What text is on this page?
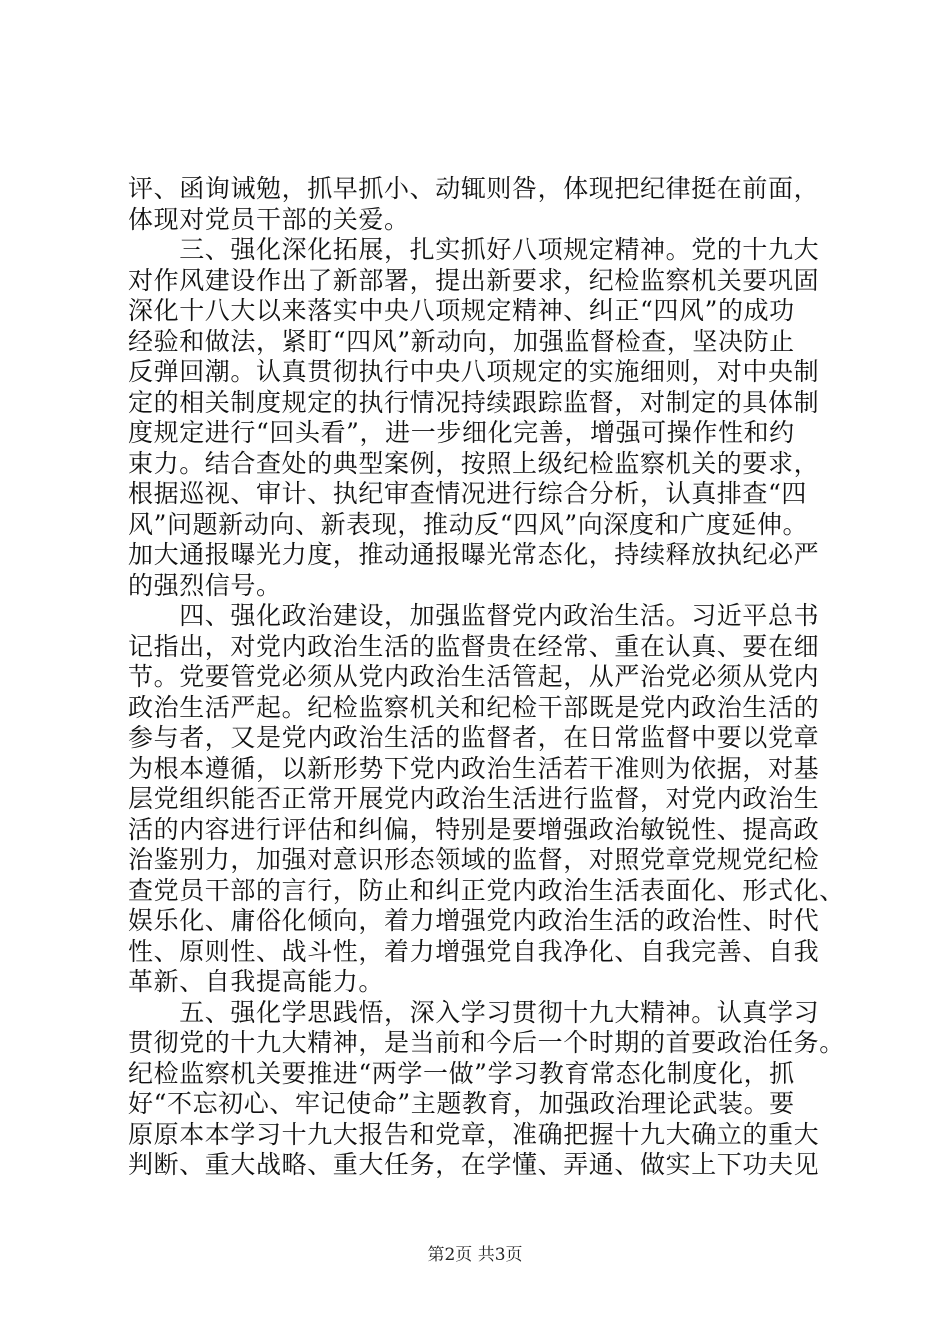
评、函询诫勉，抓早抓小、动辄则咎，体现把纪律挺在前面，
体现对党员干部的关爱。
　　三、强化深化拓展，扎实抓好八项规定精神。党的十九大
对作风建设作出了新部署，提出新要求，纪检监察机关要巩固
深化十八大以来落实中央八项规定精神、纠正“四风”的成功
经验和做法，紧盯“四风”新动向，加强监督检查，坚决防止
反弹回潮。认真贯彻执行中央八项规定的实施细则，对中央制
定的相关制度规定的执行情况持续跟踪监督，对制定的具体制
度规定进行“回头看”，进一步细化完善，增强可操作性和约
束力。结合查处的典型案例，按照上级纪检监察机关的要求，
根据巡视、审计、执纪审查情况进行综合分析，认真排查“四
风”问题新动向、新表现，推动反“四风”向深度和广度延伸。
加大通报曝光力度，推动通报曝光常态化，持续释放执纪必严
的强烈信号。
　　四、强化政治建设，加强监督党内政治生活。习近平总书
记指出，对党内政治生活的监督贵在经常、重在认真、要在细
节。党要管党必须从党内政治生活管起，从严治党必须从党内
政治生活严起。纪检监察机关和纪检干部既是党内政治生活的
参与者，又是党内政治生活的监督者，在日常监督中要以党章
为根本遵循，以新形势下党内政治生活若干准则为依据，对基
层党组织能否正常开展党内政治生活进行监督，对党内政治生
活的内容进行评估和纠偏，特别是要增强政治敏锐性、提高政
治鉴别力，加强对意识形态领域的监督，对照党章党规党纪检
查党员干部的言行，防止和纠正党内政治生活表面化、形式化、
娱乐化、庸俗化倾向，着力增强党内政治生活的政治性、时代
性、原则性、战斗性，着力增强党自我净化、自我完善、自我
革新、自我提高能力。
　　五、强化学思践悟，深入学习贯彻十九大精神。认真学习
贯彻党的十九大精神，是当前和今后一个时期的首要政治任务。
纪检监察机关要推进“两学一做”学习教育常态化制度化，抓
好“不忘初心、牢记使命”主题教育，加强政治理论武装。要
原原本本学习十九大报告和党章，准确把握十九大确立的重大
判断、重大战略、重大任务，在学懂、弄通、做实上下功夫见
第2页 共3页
